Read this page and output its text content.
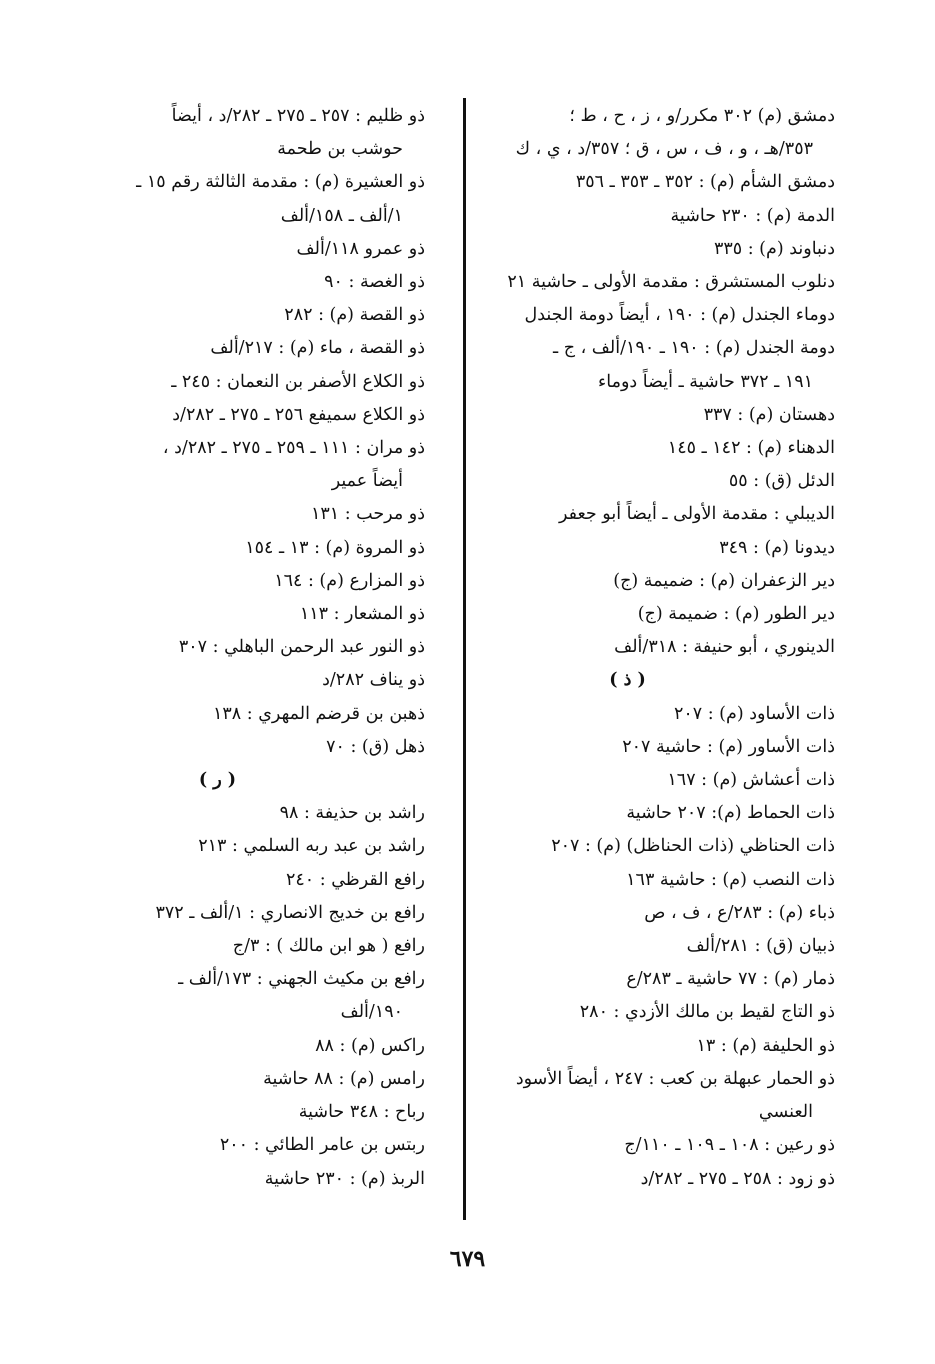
دمشق (م) ٣٠٢ مكرر/و ، ز ، ح ، ط ؛
٣٥٣/هـ ، و ، ف ، س ، ق ؛ ٣٥٧/د ، ي ، ك
دمشق الشأم (م) : ٣٥٢ ـ ٣٥٣ ـ ٣٥٦
الدمة (م) : ٢٣٠ حاشية
دنباوند (م) : ٣٣٥
دنلوب المستشرق : مقدمة الأولى ـ حاشية ٢١
دوماء الجندل (م) : ١٩٠ ، أيضاً دومة الجندل
دومة الجندل (م) : ١٩٠ ـ ١٩٠/ألف ، ج ـ
١٩١ ـ ٣٧٢ حاشية ـ أيضاً دوماء
دهستان (م) : ٣٣٧
الدهناء (م) : ١٤٢ ـ ١٤٥
الدئل (ق) : ٥٥
الديبلي : مقدمة الأولى ـ أيضاً أبو جعفر
ديدونا (م) : ٣٤٩
دير الزعفران (م) : ضميمة (ج)
دير الطور (م) : ضميمة (ج)
الدينوري ، أبو حنيفة : ٣١٨/ألف
( ذ )
ذات الأساود (م) : ٢٠٧
ذات الأساور (م) : حاشية ٢٠٧
ذات أعشاش (م) : ١٦٧
ذات الحماط (م): ٢٠٧ حاشية
ذات الحناظي (ذات الحناظل) (م) : ٢٠٧
ذات النصب (م) : حاشية ١٦٣
ذباء (م) : ٢٨٣/ع ، ف ، ص
ذبيان (ق) : ٢٨١/ألف
ذمار (م) : ٧٧ حاشية ـ ٢٨٣/ع
ذو التاج لقيط بن مالك الأزدي : ٢٨٠
ذو الحليفة (م) : ١٣
ذو الحمار عبهلة بن كعب : ٢٤٧ ، أيضاً الأسود
العنسي
ذو رعين : ١٠٨ ـ ١٠٩ ـ ١١٠/ج
ذو زود : ٢٥٨ ـ ٢٧٥ ـ ٢٨٢/د
ذو ظليم : ٢٥٧ ـ ٢٧٥ ـ ٢٨٢/د ، أيضاً
حوشب بن طحمة
ذو العشيرة (م) : مقدمة الثالثة رقم ١٥ ـ
١/ألف ـ ١٥٨/ألف
ذو عمرو ١١٨/ألف
ذو الغصة : ٩٠
ذو القصة (م) : ٢٨٢
ذو القصة ، ماء (م) : ٢١٧/ألف
ذو الكلاع الأصفر بن النعمان : ٢٤٥ ـ
ذو الكلاع سميفع ٢٥٦ ـ ٢٧٥ ـ ٢٨٢/د
ذو مران : ١١١ ـ ٢٥٩ ـ ٢٧٥ ـ ٢٨٢/د ،
أيضاً عمير
ذو مرحب : ١٣١
ذو المروة (م) : ١٣ ـ ١٥٤
ذو المزارع (م) : ١٦٤
ذو المشعار : ١١٣
ذو النور عبد الرحمن الباهلي : ٣٠٧
ذو يناف ٢٨٢/د
ذهبن بن قرضم المهري : ١٣٨
ذهل (ق) : ٧٠
( ر )
راشد بن حذيفة : ٩٨
راشد بن عبد ربه السلمي : ٢١٣
رافع القرظي : ٢٤٠
رافع بن خديج الانصاري : ١/ألف ـ ٣٧٢
رافع ( هو ابن مالك ) : ٣/ج
رافع بن مكيث الجهني : ١٧٣/ألف ـ
١٩٠/ألف
راكس (م) : ٨٨
رامس (م) : ٨٨ حاشية
رباح : ٣٤٨ حاشية
ربتس بن عامر الطائي : ٢٠٠
الربذ (م) : ٢٣٠ حاشية
٦٧٩
